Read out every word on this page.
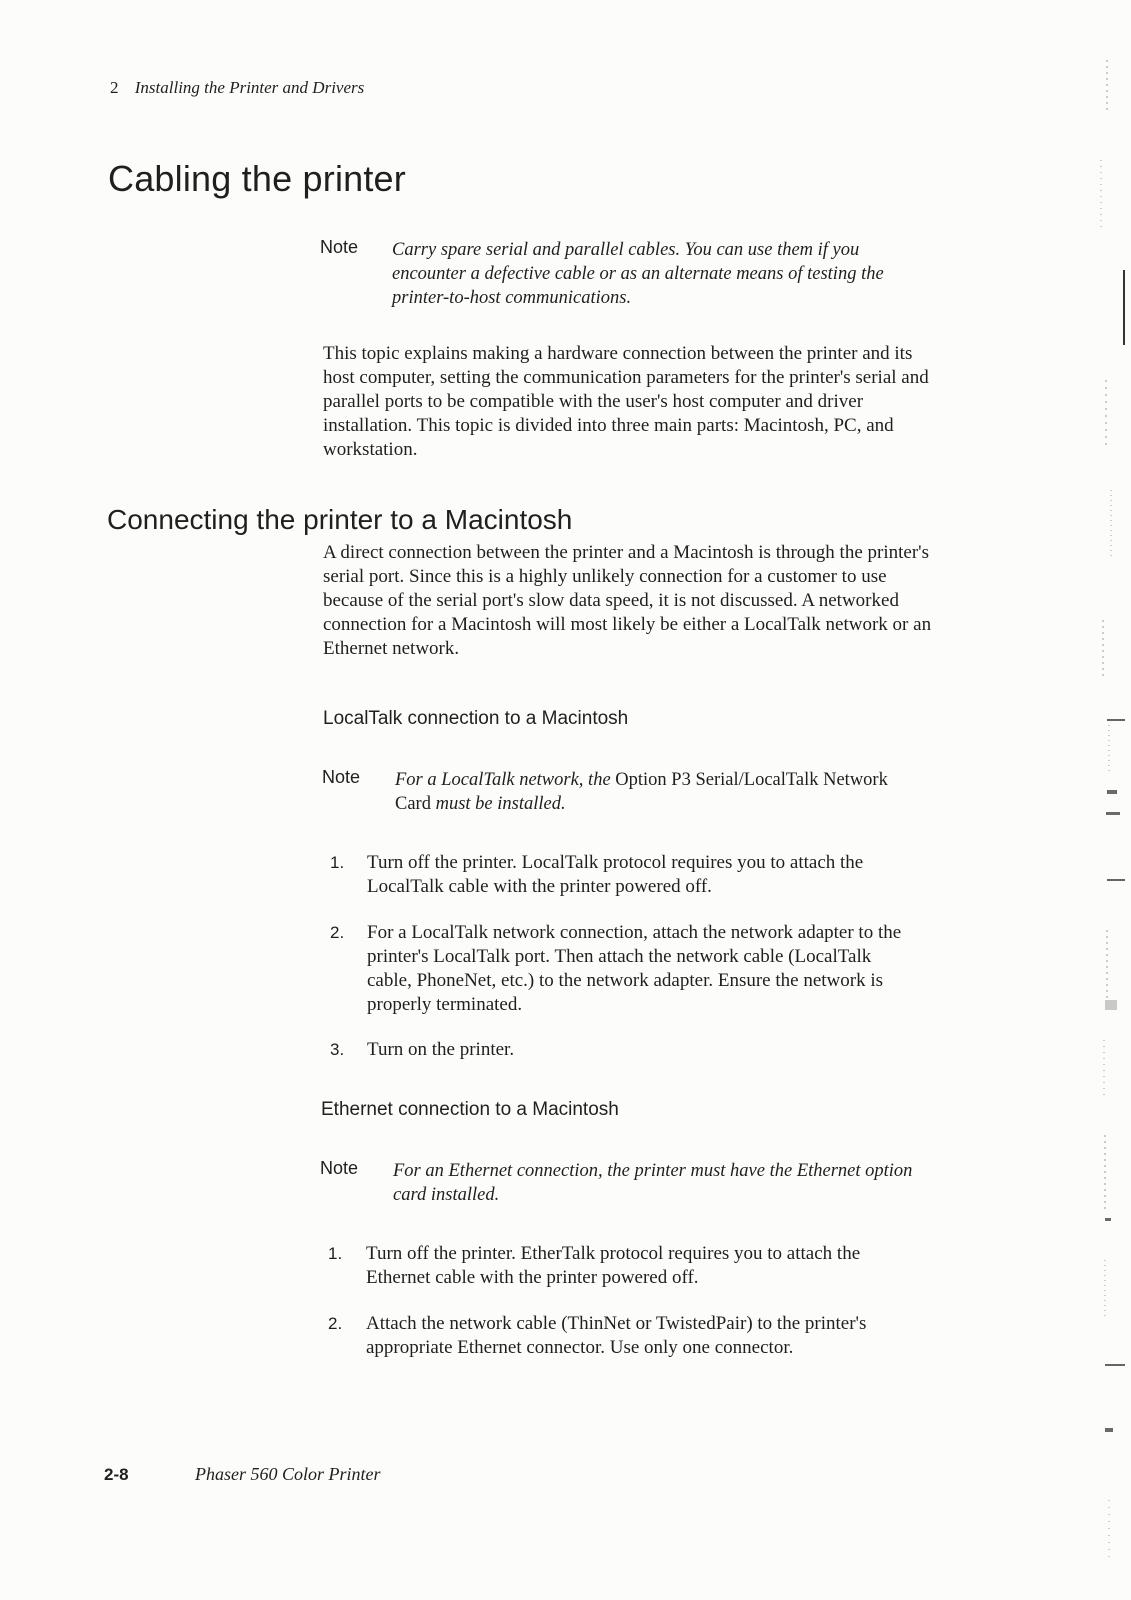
2 Installing the Printer and Drivers
Cabling the printer
Note Carry spare serial and parallel cables. You can use them if you
encounter a defective cable or as an alternate means of testing the
printer-to-host communications.
This topic explains making a hardware connection between the printer and its
host computer, setting the communication parameters for the printer's serial and
parallel ports to be compatible with the user's host computer and driver
installation. This topic is divided into three main parts: Macintosh, PC, and
workstation.
Connecting the printer to a Macintosh
A direct connection between the printer and a Macintosh is through the printer's
serial port. Since this is a highly unlikely connection for a customer to use
because of the serial port's slow data speed, it is not discussed. A networked
connection for a Macintosh will most likely be either a LocalTalk network or an
Ethernet network.
LocalTalk connection to a Macintosh
Note For a LocalTalk network, the Option P3 Serial/LocalTalk Network
Card must be installed.
1. Turn off the printer. LocalTalk protocol requires you to attach the
LocalTalk cable with the printer powered off.
2. For a LocalTalk network connection, attach the network adapter to the
printer's LocalTalk port. Then attach the network cable (LocalTalk
cable, PhoneNet, etc.) to the network adapter. Ensure the network is
properly terminated.
3. Turn on the printer.
Ethernet connection to a Macintosh
Note For an Ethernet connection, the printer must have the Ethernet option
card installed.
1. Turn off the printer. EtherTalk protocol requires you to attach the
Ethernet cable with the printer powered off.
2. Attach the network cable (ThinNet or TwistedPair) to the printer's
appropriate Ethernet connector. Use only one connector.
2-8	Phaser 560 Color Printer
